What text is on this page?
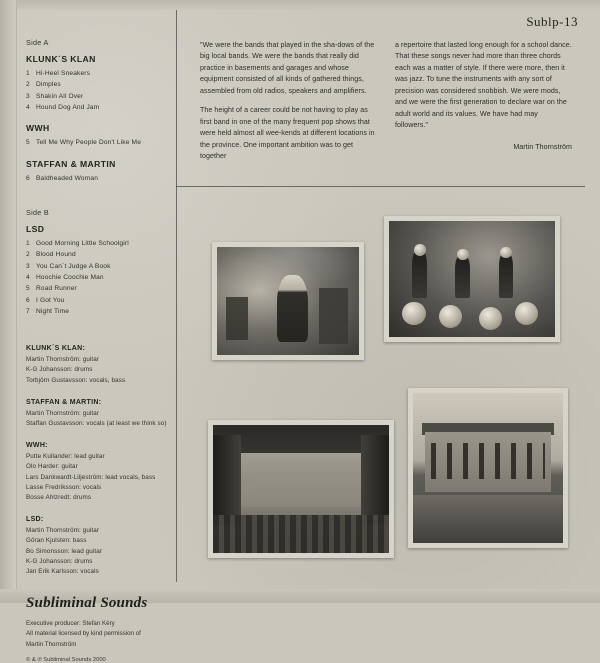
Sublp-13
Side A
KLUNK´S KLAN
1 Hi-Heel Sneakers
2 Dimples
3 Shakin All Over
4 Hound Dog And Jam
WWH
5 Tell Me Why People Don't Like Me
STAFFAN & MARTIN
6 Baldheaded Woman
Side B
LSD
1 Good Morning Little Schoolgirl
2 Blood Hound
3 You Can´t Judge A Book
4 Hoochie Coochie Man
5 Road Runner
6 I Got You
7 Night Time
KLUNK´S KLAN:
Martin Thornström: guitar
K-G Johansson: drums
Torbjörn Gustavsson: vocals, bass
STAFFAN & MARTIN:
Martin Thornström: guitar
Staffan Gustavsson: vocals (at least we think so)
WWH:
Putte Kullander: lead guitar
Olo Harder: guitar
Lars Dankwardt-Liljeström: lead vocals, bass
Lasse Fredriksson: vocals
Bosse Ahlzredt: drums
LSD:
Martin Thornström: guitar
Göran Kjulsten: bass
Bo Simonsson: lead guitar
K-G Johansson: drums
Jan Erik Karlsson: vocals
Subliminal Sounds
Executive producer: Stefan Kéry
All material licensed by kind permission of
Martin Thornström
© & ℗ Subliminal Sounds 2000

"We were the bands that played in the sha-dows of the big local bands. We were the bands that really did practice in basements and garages and whose equipment consisted of all kinds of gathered things, assembled from old radios, speakers and amplifiers.

The height of a career could be not having to play as first band in one of the many frequent pop shows that were held almost all wee-kends at different locations in the province. One important ambition was to get together

a repertoire that lasted long enough for a school dance. That these songs never had more than three chords each was a matter of style. If there were more, then it was jazz. To tune the instruments with any sort of precision was considered snobbish. We were mods, and we were the first generation to declare war on the adult world and its values. We have had may followers."

Martin Thornström
